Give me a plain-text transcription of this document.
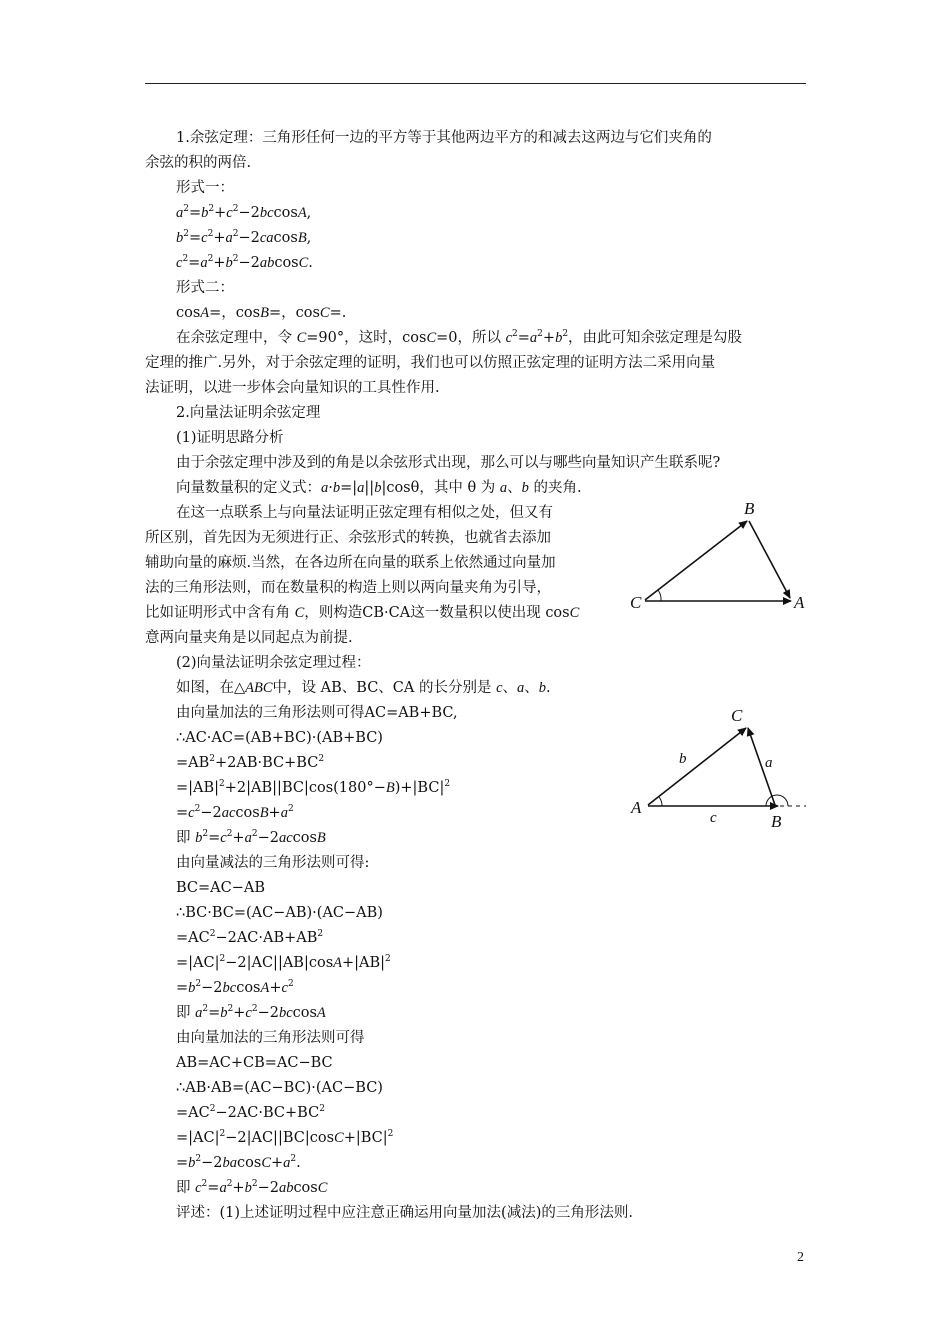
1.余弦定理：三角形任何一边的平方等于其他两边平方的和减去这两边与它们夹角的
余弦的积的两倍.
形式一：
$a^2=b^2+c^2-2bccosA$,
$b^2=c^2+a^2-2cacosB$,
$c^2=a^2+b^2-2abcosC$.
形式二：
cosA=，cosB=，cosC=.
在余弦定理中，令 C=90°，这时，cosC=0，所以 $c^2=a^2+b^2$，由此可知余弦定理是勾股
定理的推广.另外，对于余弦定理的证明，我们也可以仿照正弦定理的证明方法二采用向量
法证明，以进一步体会向量知识的工具性作用.
2.向量法证明余弦定理
(1)证明思路分析
由于余弦定理中涉及到的角是以余弦形式出现，那么可以与哪些向量知识产生联系呢?
向量数量积的定义式：a·b=|a||b|cosθ，其中 θ 为 a、b 的夹角.
在这一点联系上与向量法证明正弦定理有相似之处，但又有
所区别，首先因为无须进行正、余弦形式的转换，也就省去添加
辅助向量的麻烦.当然，在各边所在向量的联系上依然通过向量加
法的三角形法则，而在数量积的构造上则以两向量夹角为引导，
比如证明形式中含有角 C，则构造CB·CA这一数量积以使出现 cosC
意两向量夹角是以同起点为前提.
(2)向量法证明余弦定理过程：
如图，在△ABC中，设 AB、BC、CA 的长分别是 c、a、b.
由向量加法的三角形法则可得AC=AB+BC,
∴AC·AC=(AB+BC)·(AB+BC)
$=AB^2+2AB\cdot BC+BC^2$
$=|AB|^2+2|AB||BC|\cos(180^\circ-B)+|BC|^2$
$=c^2-2accosB+a^2$
即 $b^2=c^2+a^2-2accosB$
由向量减法的三角形法则可得:
BC=AC−AB
∴BC·BC=(AC−AB)·(AC−AB)
$=AC^2-2AC\cdot AB+AB^2$
$=|AC|^2-2|AC||AB|\cos A+|AB|^2$
$=b^2-2bccosA+c^2$
即 $a^2=b^2+c^2-2bccosA$
由向量加法的三角形法则可得
AB=AC+CB=AC−BC
∴AB·AB=(AC−BC)·(AC−BC)
$=AC^2-2AC\cdot BC+BC^2$
$=|AC|^2-2|AC||BC|\cos C+|BC|^2$
$=b^2-2bacosC+a^2$.
即 $c^2=a^2+b^2-2abcosC$
评述：(1)上述证明过程中应注意正确运用向量加法(减法)的三角形法则.
B
C	A
C
A
B
b	a
c
2
